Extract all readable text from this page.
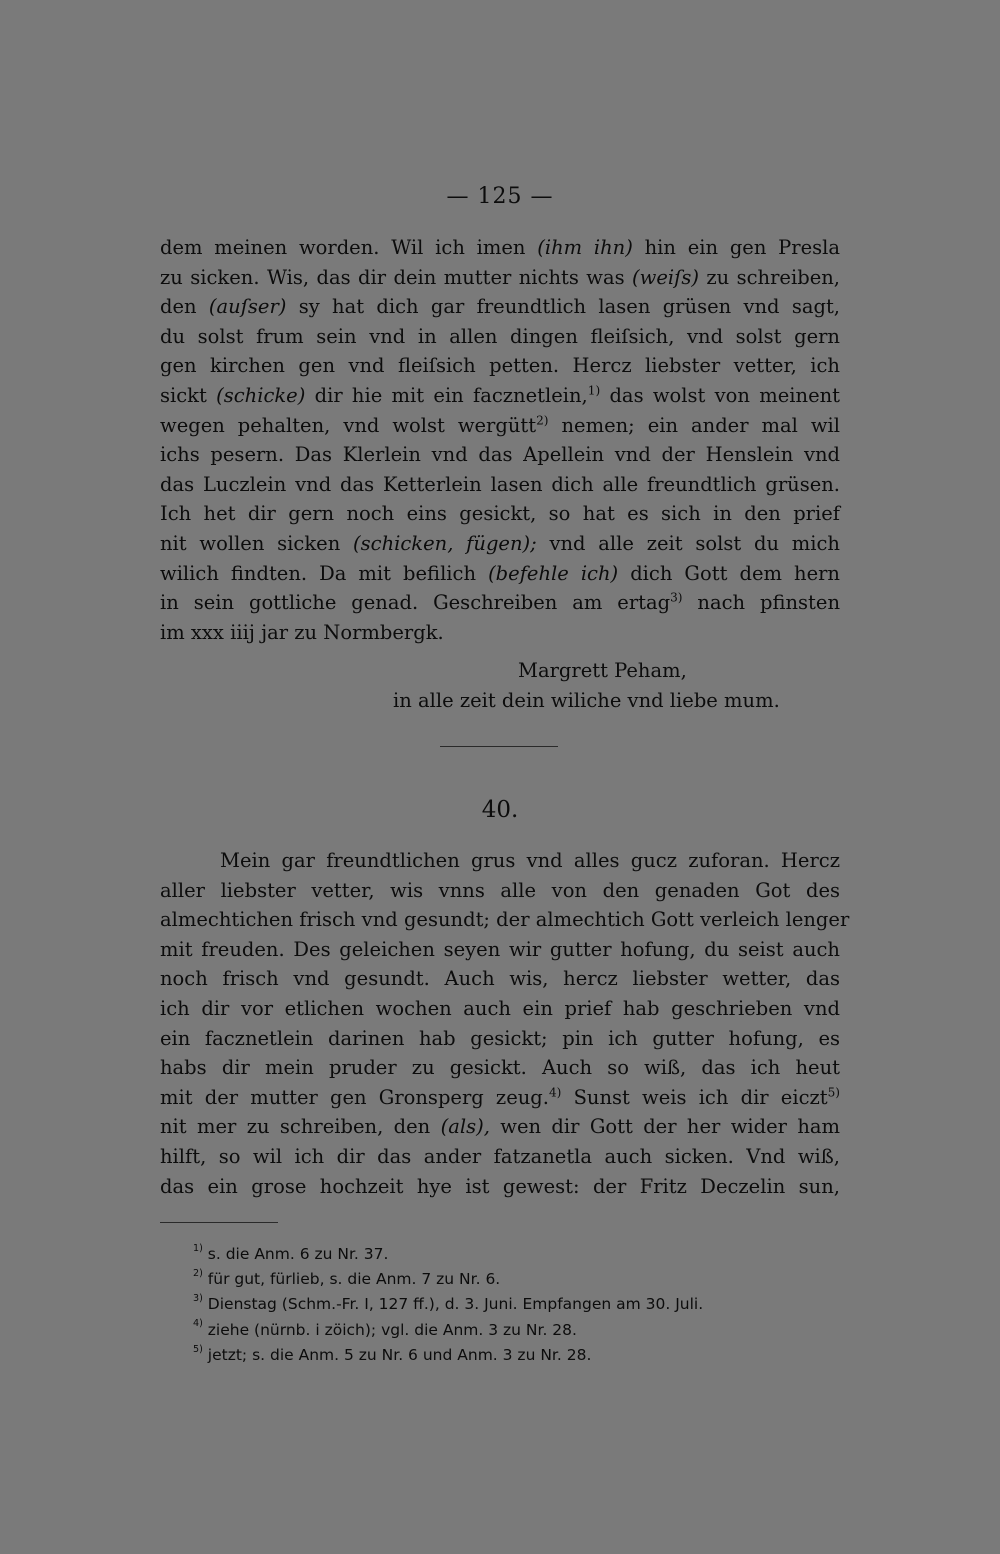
— 125 —
dem meinen worden. Wil ich imen (ihm ihn) hin ein gen Presla
zu sicken. Wis, das dir dein mutter nichts was (weiſs) zu schreiben,
den (auſser) sy hat dich gar freundtlich lasen grüsen vnd sagt,
du solst frum sein vnd in allen dingen fleiſsich, vnd solst gern
gen kirchen gen vnd fleiſsich petten. Hercz liebster vetter, ich
sickt (schicke) dir hie mit ein facznetlein,$^{1)}$ das wolst von meinent
wegen pehalten, vnd wolst wergütt$^{2)}$ nemen; ein ander mal wil
ichs pesern. Das Klerlein vnd das Apellein vnd der Henslein vnd
das Luczlein vnd das Ketterlein lasen dich alle freundtlich grüsen.
Ich het dir gern noch eins gesickt, so hat es sich in den prief
nit wollen sicken (schicken, fügen); vnd alle zeit solst du mich
wilich findten. Da mit befilich (befehle ich) dich Gott dem hern
in sein gottliche genad. Geschreiben am ertag$^{3)}$ nach pfinsten
im xxx iiij jar zu Normbergk.
Margrett Peham,
in alle zeit dein wiliche vnd liebe mum.
40.
Mein gar freundtlichen grus vnd alles gucz zuforan. Hercz
aller liebster vetter, wis vnns alle von den genaden Got des
almechtichen frisch vnd gesundt; der almechtich Gott verleich lenger
mit freuden. Des geleichen seyen wir gutter hofung, du seist auch
noch frisch vnd gesundt. Auch wis, hercz liebster wetter, das
ich dir vor etlichen wochen auch ein prief hab geschrieben vnd
ein facznetlein darinen hab gesickt; pin ich gutter hofung, es
habs dir mein pruder zu gesickt. Auch so wiß, das ich heut
mit der mutter gen Gronsperg zeug.$^{4)}$ Sunst weis ich dir eiczt$^{5)}$
nit mer zu schreiben, den (als), wen dir Gott der her wider ham
hilft, so wil ich dir das ander fatzanetla auch sicken. Vnd wiß,
das ein grose hochzeit hye ist gewest: der Fritz Deczelin sun,
$^{1)}$ s. die Anm. 6 zu Nr. 37.
$^{2)}$ für gut, fürlieb, s. die Anm. 7 zu Nr. 6.
$^{3)}$ Dienstag (Schm.-Fr. I, 127 ff.), d. 3. Juni. Empfangen am 30. Juli.
$^{4)}$ ziehe (nürnb. i zöich); vgl. die Anm. 3 zu Nr. 28.
$^{5)}$ jetzt; s. die Anm. 5 zu Nr. 6 und Anm. 3 zu Nr. 28.
